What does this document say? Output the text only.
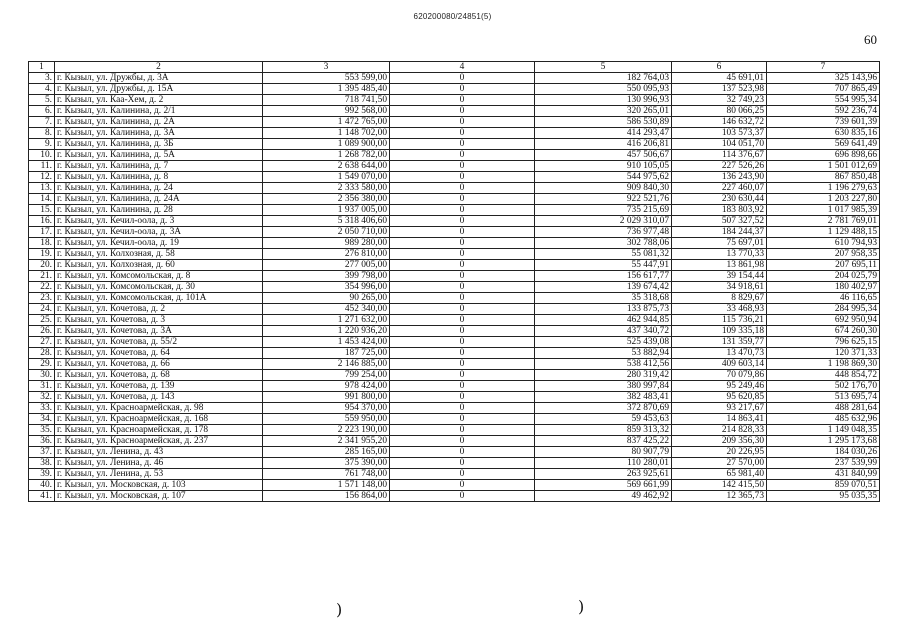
620200080/24851(5)
60
1	2	3	4	5	6	7
3.	г. Кызыл, ул. Дружбы, д. 3А	553 599,00	0	182 764,03	45 691,01	325 143,96
4.	г. Кызыл, ул. Дружбы, д. 15А	1 395 485,40	0	550 095,93	137 523,98	707 865,49
5.	г. Кызыл, ул. Каа-Хем, д. 2	718 741,50	0	130 996,93	32 749,23	554 995,34
6.	г. Кызыл, ул. Калинина, д. 2/1	992 568,00	0	320 265,01	80 066,25	592 236,74
7.	г. Кызыл, ул. Калинина, д. 2А	1 472 765,00	0	586 530,89	146 632,72	739 601,39
8.	г. Кызыл, ул. Калинина, д. 3А	1 148 702,00	0	414 293,47	103 573,37	630 835,16
9.	г. Кызыл, ул. Калинина, д. 3Б	1 089 900,00	0	416 206,81	104 051,70	569 641,49
10.	г. Кызыл, ул. Калинина, д. 5А	1 268 782,00	0	457 506,67	114 376,67	696 898,66
11.	г. Кызыл, ул. Калинина, д. 7	2 638 644,00	0	910 105,05	227 526,26	1 501 012,69
12.	г. Кызыл, ул. Калинина, д. 8	1 549 070,00	0	544 975,62	136 243,90	867 850,48
13.	г. Кызыл, ул. Калинина, д. 24	2 333 580,00	0	909 840,30	227 460,07	1 196 279,63
14.	г. Кызыл, ул. Калинина, д. 24А	2 356 380,00	0	922 521,76	230 630,44	1 203 227,80
15.	г. Кызыл, ул. Калинина, д. 28	1 937 005,00	0	735 215,69	183 803,92	1 017 985,39
16.	г. Кызыл, ул. Кечил-оола, д. 3	5 318 406,60	0	2 029 310,07	507 327,52	2 781 769,01
17.	г. Кызыл, ул. Кечил-оола, д. 3А	2 050 710,00	0	736 977,48	184 244,37	1 129 488,15
18.	г. Кызыл, ул. Кечил-оола, д. 19	989 280,00	0	302 788,06	75 697,01	610 794,93
19.	г. Кызыл, ул. Колхозная, д. 58	276 810,00	0	55 081,32	13 770,33	207 958,35
20.	г. Кызыл, ул. Колхозная, д. 60	277 005,00	0	55 447,91	13 861,98	207 695,11
21.	г. Кызыл, ул. Комсомольская, д. 8	399 798,00	0	156 617,77	39 154,44	204 025,79
22.	г. Кызыл, ул. Комсомольская, д. 30	354 996,00	0	139 674,42	34 918,61	180 402,97
23.	г. Кызыл, ул. Комсомольская, д. 101А	90 265,00	0	35 318,68	8 829,67	46 116,65
24.	г. Кызыл, ул. Кочетова, д. 2	452 340,00	0	133 875,73	33 468,93	284 995,34
25.	г. Кызыл, ул. Кочетова, д. 3	1 271 632,00	0	462 944,85	115 736,21	692 950,94
26.	г. Кызыл, ул. Кочетова, д. 3А	1 220 936,20	0	437 340,72	109 335,18	674 260,30
27.	г. Кызыл, ул. Кочетова, д. 55/2	1 453 424,00	0	525 439,08	131 359,77	796 625,15
28.	г. Кызыл, ул. Кочетова, д. 64	187 725,00	0	53 882,94	13 470,73	120 371,33
29.	г. Кызыл, ул. Кочетова, д. 66	2 146 885,00	0	538 412,56	409 603,14	1 198 869,30
30.	г. Кызыл, ул. Кочетова, д. 68	799 254,00	0	280 319,42	70 079,86	448 854,72
31.	г. Кызыл, ул. Кочетова, д. 139	978 424,00	0	380 997,84	95 249,46	502 176,70
32.	г. Кызыл, ул. Кочетова, д. 143	991 800,00	0	382 483,41	95 620,85	513 695,74
33.	г. Кызыл, ул. Красноармейская, д. 98	954 370,00	0	372 870,69	93 217,67	488 281,64
34.	г. Кызыл, ул. Красноармейская, д. 168	559 950,00	0	59 453,63	14 863,41	485 632,96
35.	г. Кызыл, ул. Красноармейская, д. 178	2 223 190,00	0	859 313,32	214 828,33	1 149 048,35
36.	г. Кызыл, ул. Красноармейская, д. 237	2 341 955,20	0	837 425,22	209 356,30	1 295 173,68
37.	г. Кызыл, ул. Ленина, д. 43	285 165,00	0	80 907,79	20 226,95	184 030,26
38.	г. Кызыл, ул. Ленина, д. 46	375 390,00	0	110 280,01	27 570,00	237 539,99
39.	г. Кызыл, ул. Ленина, д. 53	761 748,00	0	263 925,61	65 981,40	431 840,99
40.	г. Кызыл, ул. Московская, д. 103	1 571 148,00	0	569 661,99	142 415,50	859 070,51
41.	г. Кызыл, ул. Московская, д. 107	156 864,00	0	49 462,92	12 365,73	95 035,35
)	)
